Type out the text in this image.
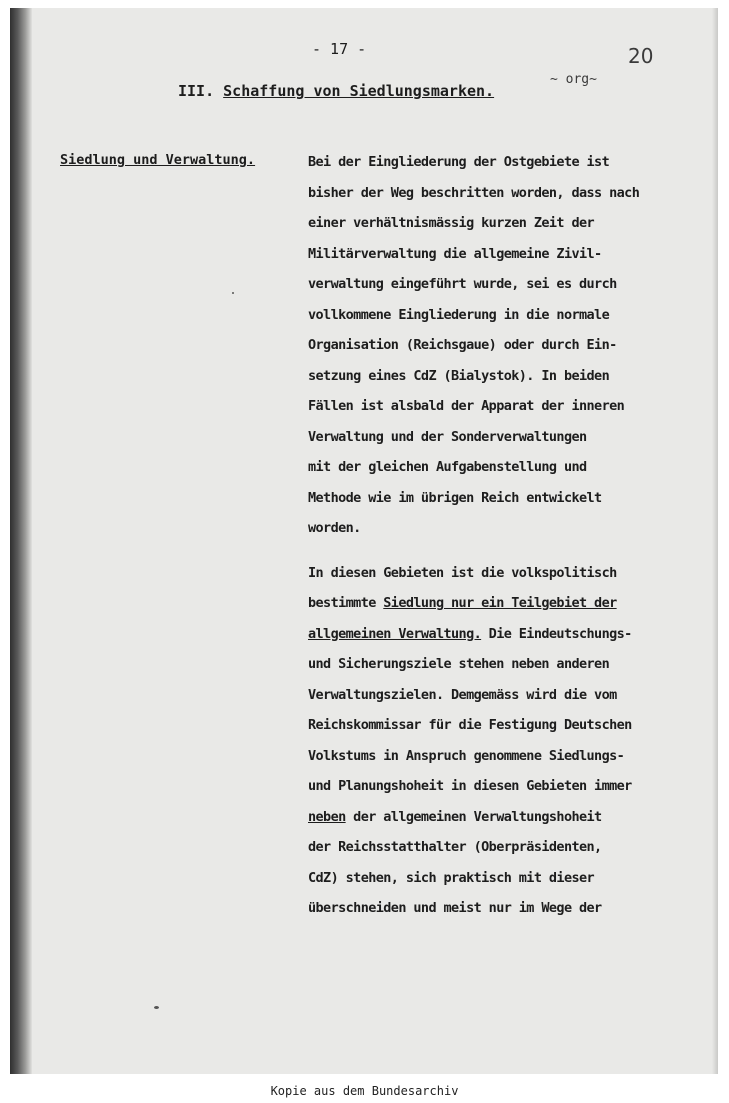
- 17 -	20
~ org~
III. Schaffung von Siedlungsmarken.
Siedlung und Verwaltung.	Bei der Eingliederung der Ostgebiete ist
bisher der Weg beschritten worden, dass nach
einer verhältnismässig kurzen Zeit der
Militärverwaltung die allgemeine Zivil-
verwaltung eingeführt wurde, sei es durch
vollkommene Eingliederung in die normale
Organisation (Reichsgaue) oder durch Ein-
setzung eines CdZ (Bialystok). In beiden
Fällen ist alsbald der Apparat der inneren
Verwaltung und der Sonderverwaltungen
mit der gleichen Aufgabenstellung und
Methode wie im übrigen Reich entwickelt
worden.
In diesen Gebieten ist die volkspolitisch
bestimmte Siedlung nur ein Teilgebiet der
allgemeinen Verwaltung. Die Eindeutschungs-
und Sicherungsziele stehen neben anderen
Verwaltungszielen. Demgemäss wird die vom
Reichskommissar für die Festigung Deutschen
Volkstums in Anspruch genommene Siedlungs-
und Planungshoheit in diesen Gebieten immer
neben der allgemeinen Verwaltungshoheit
der Reichsstatthalter (Oberpräsidenten,
CdZ) stehen, sich praktisch mit dieser
überschneiden und meist nur im Wege der
Kopie aus dem Bundesarchiv
